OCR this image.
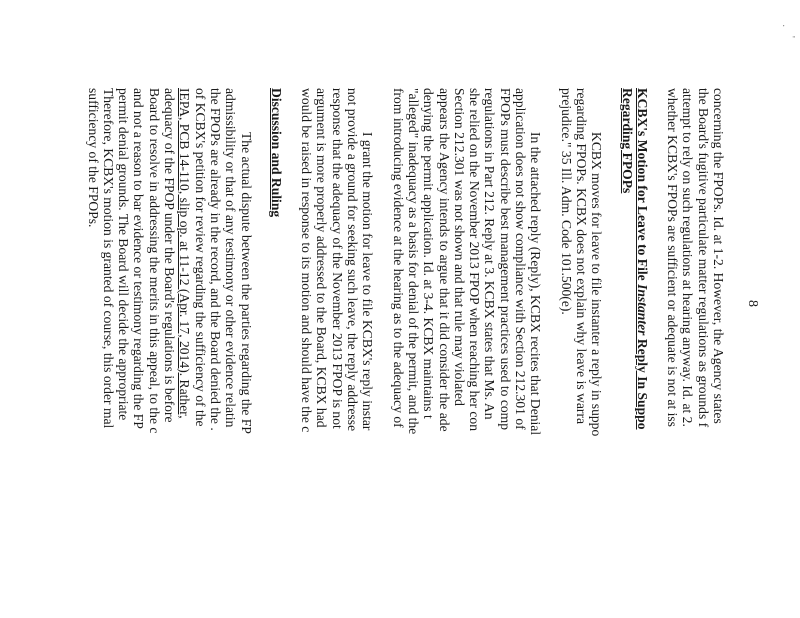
8
'
·
concerning the FPOPs. Id. at 1-2. However, the Agency states
the Board's fugitive particulate matter regulations as grounds f
attempt to rely on such regulations at hearing anyway. Id. at 2.
whether KCBX's FPOPs are sufficient or adequate is not at iss
KCBX's Motion for Leave to File Instanter Reply In Suppo
Regarding FPOPs
KCBX moves for leave to file instanter a reply in suppo
regarding FPOPs. KCBX does not explain why leave is warra
prejudice." 35 Ill. Adm. Code 101.500(e).
In the attached reply (Reply), KCBX recites that Denial
application does not show compliance with Section 212.301 of
FPOPs must describe best management practices used to comp
regulations in Part 212. Reply at 3. KCBX states that Ms. An
she relied on the November 2013 FPOP when reaching her con
Section 212.301 was not shown and that rule may violated
appears the Agency intends to argue that it did consider the ade
denying the permit application. Id. at 3-4. KCBX maintains t
"alleged" inadequacy as a basis for denial of the permit, and the
from introducing evidence at the hearing as to the adequacy of
I grant the motion for leave to file KCBX's reply instar
not provide a ground for seeking such leave, the reply addresse
response that the adequacy of the November 2013 FPOP is not
argument is more properly addressed to the Board, KCBX had
would be raised in response to its motion and should have the c
Discussion and Ruling
The actual dispute between the parties regarding the FP
admissibility or that of any testimony or other evidence relatin
the FPOPs are already in the record, and the Board denied the .
of KCBX's petition for review regarding the sufficiency of the
IEPA, PCB 14-110, slip op. at 11-12 (Apr. 17, 2014). Rather,
adequacy of the FPOP under the Board's regulations is before
Board to resolve in addressing the merits in this appeal, to the c
and not a reason to bar evidence or testimony regarding the FP
permit denial grounds. The Board will decide the appropriate
Therefore, KCBX's motion is granted of course, this order mal
sufficiency of the FPOPs.
